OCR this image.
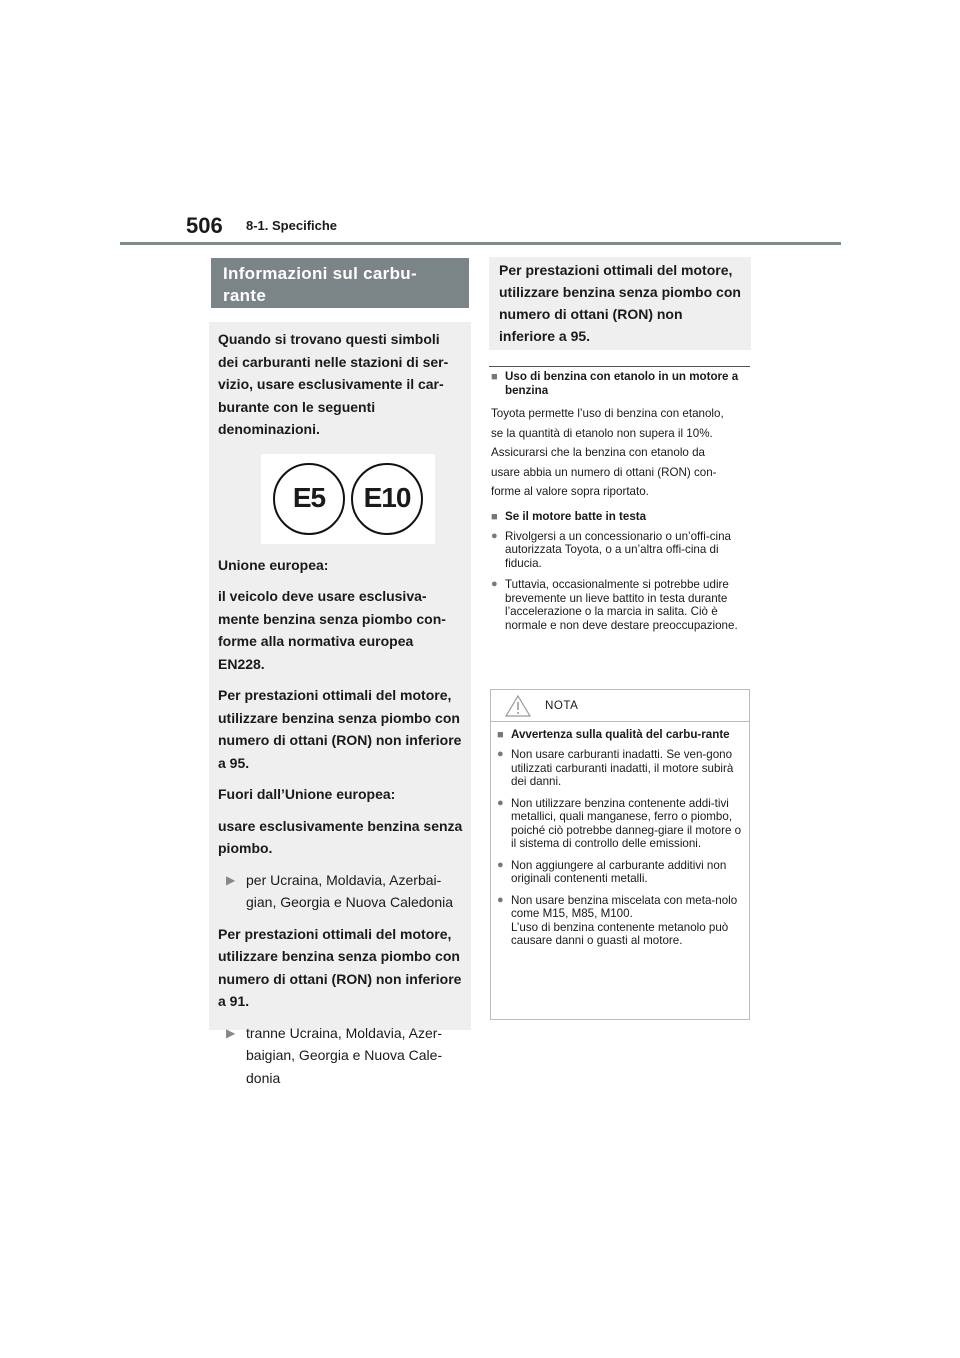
506 8-1. Specifiche
Informazioni sul carbu-rante

Quando si trovano questi simboli dei carburanti nelle stazioni di ser-vizio, usare esclusivamente il car-burante con le seguenti denominazioni.

E5	E10

Unione europea:

il veicolo deve usare esclusiva-mente benzina senza piombo con-forme alla normativa europea EN228.

Per prestazioni ottimali del motore, utilizzare benzina senza piombo con numero di ottani (RON) non inferiore a 95.

Fuori dall’Unione europea:

usare esclusivamente benzina senza piombo.

▶ per Ucraina, Moldavia, Azerbai-gian, Georgia e Nuova Caledonia

Per prestazioni ottimali del motore, utilizzare benzina senza piombo con numero di ottani (RON) non inferiore a 91.

▶ tranne Ucraina, Moldavia, Azer-baigian, Georgia e Nuova Cale-donia
Per prestazioni ottimali del motore, utilizzare benzina senza piombo con numero di ottani (RON) non inferiore a 95.
■ Uso di benzina con etanolo in un motore a benzina
Toyota permette l’uso di benzina con etanolo,
se la quantità di etanolo non supera il 10%.
Assicurarsi che la benzina con etanolo da
usare abbia un numero di ottani (RON) con-
forme al valore sopra riportato.
■ Se il motore batte in testa
● Rivolgersi a un concessionario o un’offi-cina autorizzata Toyota, o a un’altra offi-cina di fiducia.
● Tuttavia, occasionalmente si potrebbe udire brevemente un lieve battito in testa durante l’accelerazione o la marcia in salita. Ciò è normale e non deve destare preoccupazione.
NOTA
■ Avvertenza sulla qualità del carbu-rante
● Non usare carburanti inadatti. Se ven-gono utilizzati carburanti inadatti, il motore subirà dei danni.
● Non utilizzare benzina contenente addi-tivi metallici, quali manganese, ferro o piombo, poiché ciò potrebbe danneg-giare il motore o il sistema di controllo delle emissioni.
● Non aggiungere al carburante additivi non originali contenenti metalli.
● Non usare benzina miscelata con meta-nolo come M15, M85, M100.
L’uso di benzina contenente metanolo può causare danni o guasti al motore.
